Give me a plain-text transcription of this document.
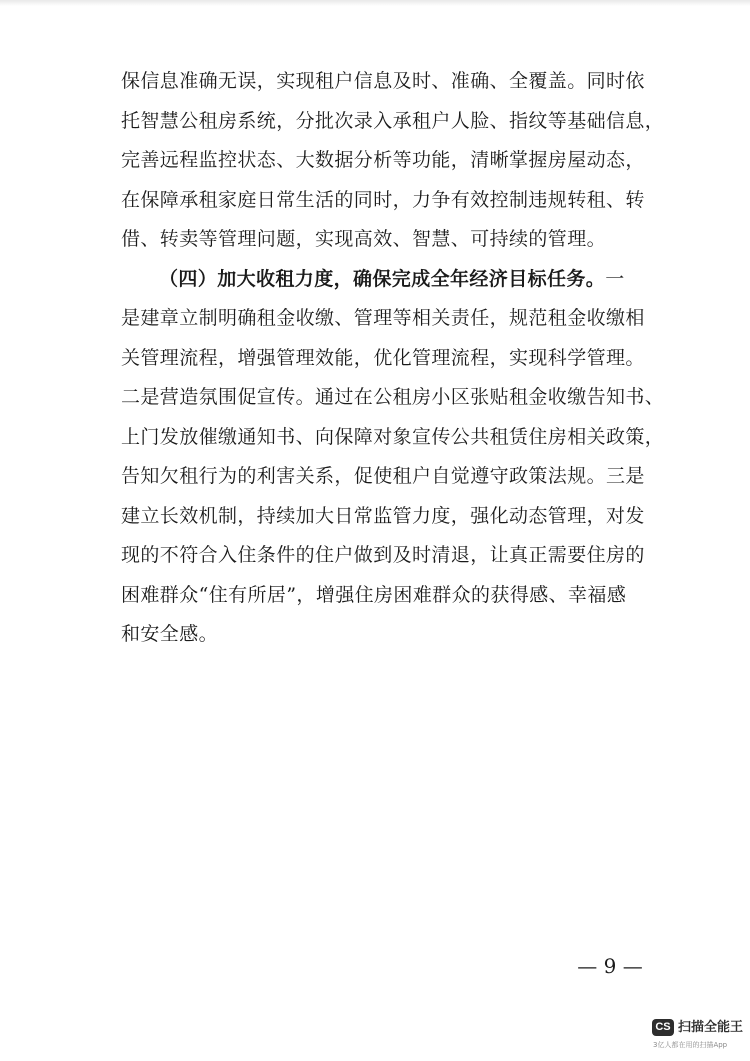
保信息准确无误，实现租户信息及时、准确、全覆盖。同时依
托智慧公租房系统，分批次录入承租户人脸、指纹等基础信息，
完善远程监控状态、大数据分析等功能，清晰掌握房屋动态，
在保障承租家庭日常生活的同时，力争有效控制违规转租、转
借、转卖等管理问题，实现高效、智慧、可持续的管理。
（四）加大收租力度，确保完成全年经济目标任务。一
是建章立制明确租金收缴、管理等相关责任，规范租金收缴相
关管理流程，增强管理效能，优化管理流程，实现科学管理。
二是营造氛围促宣传。通过在公租房小区张贴租金收缴告知书、
上门发放催缴通知书、向保障对象宣传公共租赁住房相关政策，
告知欠租行为的利害关系，促使租户自觉遵守政策法规。三是
建立长效机制，持续加大日常监管力度，强化动态管理，对发
现的不符合入住条件的住户做到及时清退，让真正需要住房的
困难群众“住有所居”，增强住房困难群众的获得感、幸福感
和安全感。
— 9 —
CS 扫描全能王
3亿人都在用的扫描App
